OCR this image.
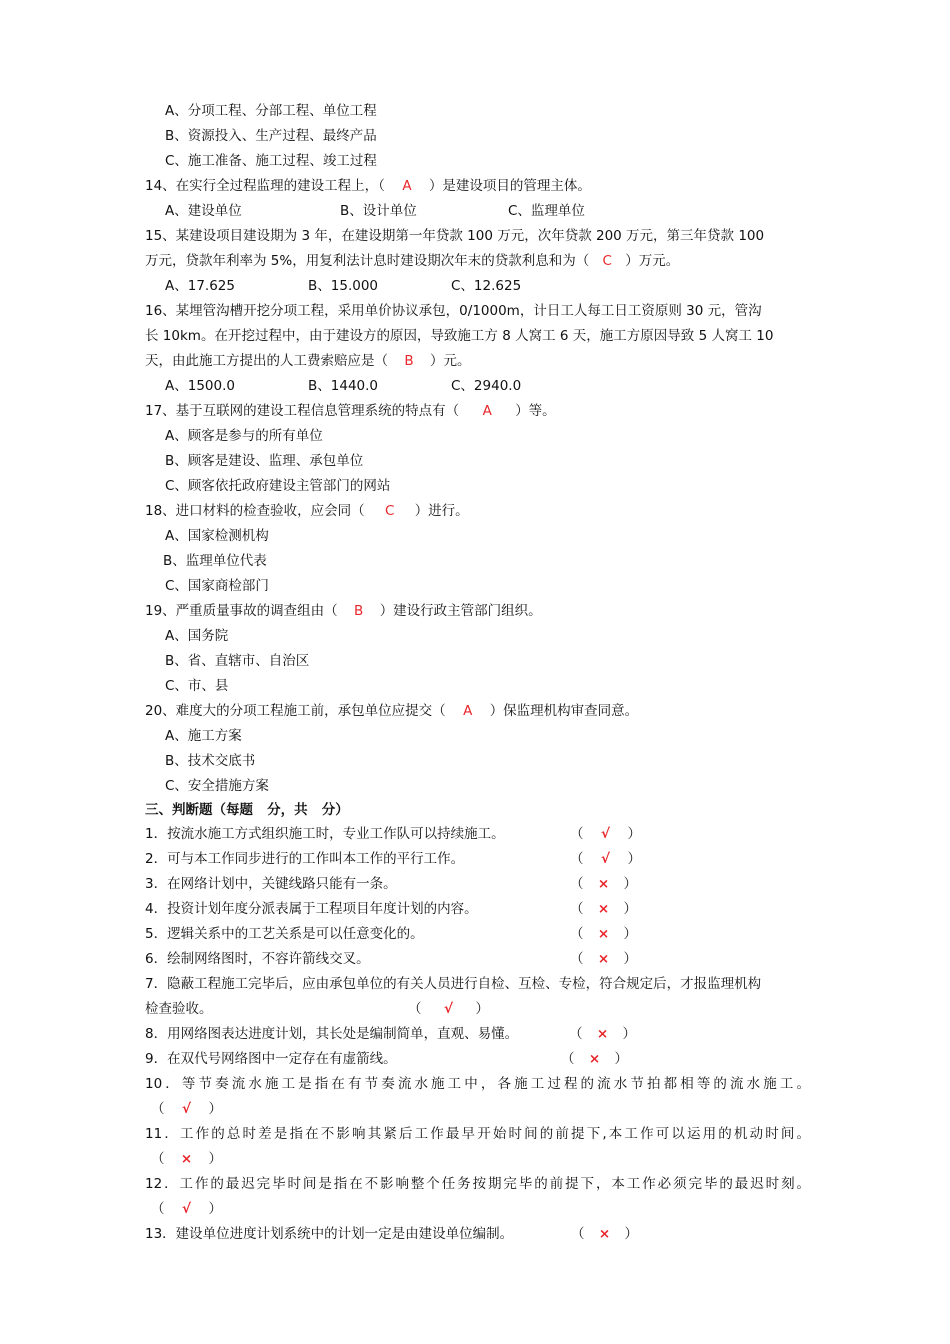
A、分项工程、分部工程、单位工程
B、资源投入、生产过程、最终产品
C、施工准备、施工过程、竣工过程
14、在实行全过程监理的建设工程上，（ A ）是建设项目的管理主体。
A、建设单位	B、设计单位	C、监理单位
15、某建设项目建设期为 3 年，在建设期第一年贷款 100 万元，次年贷款 200 万元，第三年贷款 100
万元，贷款年利率为 5%，用复利法计息时建设期次年末的贷款利息和为（ C ）万元。
A、17.625	B、15.000	C、12.625
16、某埋管沟槽开挖分项工程，采用单价协议承包，0/1000m，计日工人每工日工资原则 30 元，管沟
长 10km。在开挖过程中，由于建设方的原因，导致施工方 8 人窝工 6 天，施工方原因导致 5 人窝工 10
天，由此施工方提出的人工费索赔应是（ B ）元。
A、1500.0	B、1440.0	C、2940.0
17、基于互联网的建设工程信息管理系统的特点有（ A ）等。
A、顾客是参与的所有单位
B、顾客是建设、监理、承包单位
C、顾客依托政府建设主管部门的网站
18、进口材料的检查验收，应会同（ C ）进行。
A、国家检测机构
B、监理单位代表
C、国家商检部门
19、严重质量事故的调查组由（ B ）建设行政主管部门组织。
A、国务院
B、省、直辖市、自治区
C、市、县
20、难度大的分项工程施工前，承包单位应提交（ A ）保监理机构审查同意。
A、施工方案
B、技术交底书
C、安全措施方案
三、判断题（每题   分，共   分）
1．按流水施工方式组织施工时，专业工作队可以持续施工。	（ √ ）
2．可与本工作同步进行的工作叫本工作的平行工作。	（ √ ）
3．在网络计划中，关键线路只能有一条。	（ × ）
4．投资计划年度分派表属于工程项目年度计划的内容。	（ × ）
5．逻辑关系中的工艺关系是可以任意变化的。	（ × ）
6．绘制网络图时，不容许箭线交叉。	（ × ）
7．隐蔽工程施工完毕后，应由承包单位的有关人员进行自检、互检、专检，符合规定后，才报监理机构
检查验收。	（ √ ）
8．用网络图表达进度计划，其长处是编制简单，直观、易懂。	（ × ）
9．在双代号网络图中一定存在有虚箭线。	（ × ）
10．等节奏流水施工是指在有节奏流水施工中，各施工过程的流水节拍都相等的流水施工。
（ √ ）
11．工作的总时差是指在不影响其紧后工作最早开始时间的前提下,本工作可以运用的机动时间。
（ × ）
12．工作的最迟完毕时间是指在不影响整个任务按期完毕的前提下，本工作必须完毕的最迟时刻。
（ √ ）
13．建设单位进度计划系统中的计划一定是由建设单位编制。	（ × ）
